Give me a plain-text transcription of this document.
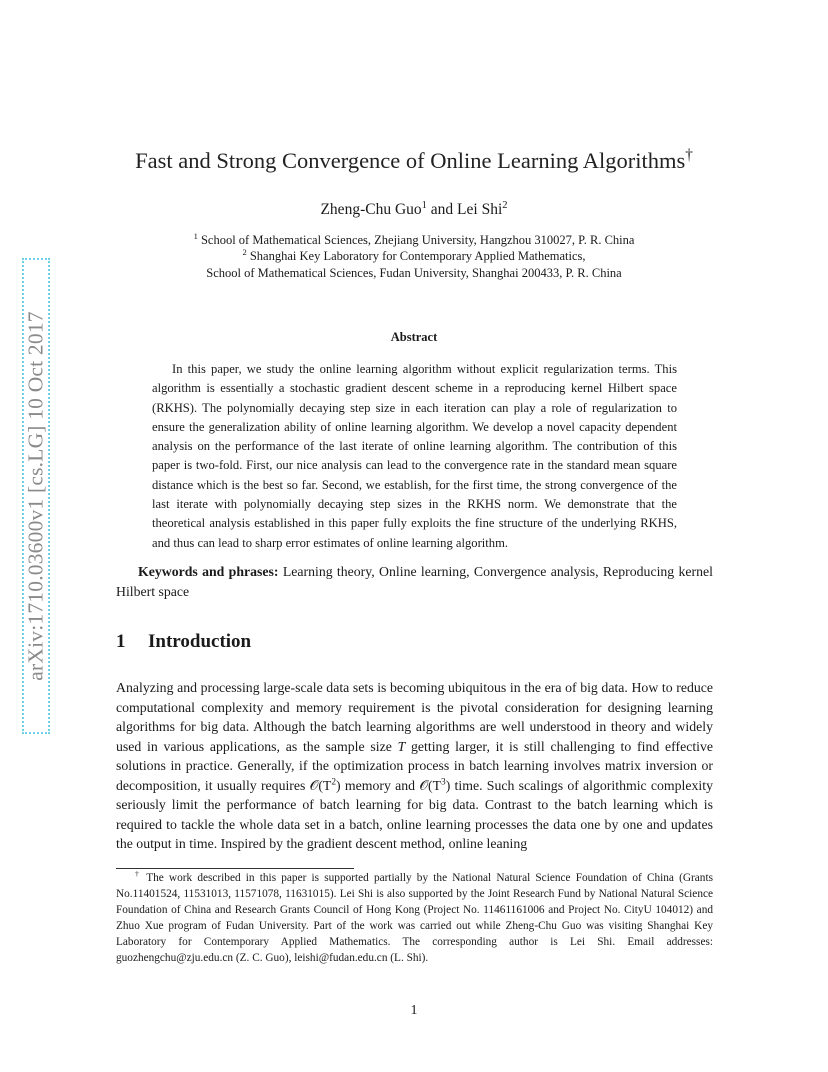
arXiv:1710.03600v1 [cs.LG] 10 Oct 2017
Fast and Strong Convergence of Online Learning Algorithms†
Zheng-Chu Guo$^1$ and Lei Shi$^2$
$^1$ School of Mathematical Sciences, Zhejiang University, Hangzhou 310027, P. R. China
$^2$ Shanghai Key Laboratory for Contemporary Applied Mathematics,
School of Mathematical Sciences, Fudan University, Shanghai 200433, P. R. China
Abstract
In this paper, we study the online learning algorithm without explicit regularization terms. This algorithm is essentially a stochastic gradient descent scheme in a reproducing kernel Hilbert space (RKHS). The polynomially decaying step size in each iteration can play a role of regularization to ensure the generalization ability of online learning algorithm. We develop a novel capacity dependent analysis on the performance of the last iterate of online learning algorithm. The contribution of this paper is two-fold. First, our nice analysis can lead to the convergence rate in the standard mean square distance which is the best so far. Second, we establish, for the first time, the strong convergence of the last iterate with polynomially decaying step sizes in the RKHS norm. We demonstrate that the theoretical analysis established in this paper fully exploits the fine structure of the underlying RKHS, and thus can lead to sharp error estimates of online learning algorithm.
Keywords and phrases: Learning theory, Online learning, Convergence analysis, Reproducing kernel Hilbert space
1 Introduction
Analyzing and processing large-scale data sets is becoming ubiquitous in the era of big data. How to reduce computational complexity and memory requirement is the pivotal consideration for designing learning algorithms for big data. Although the batch learning algorithms are well understood in theory and widely used in various applications, as the sample size T getting larger, it is still challenging to find effective solutions in practice. Generally, if the optimization process in batch learning involves matrix inversion or decomposition, it usually requires $𝒪(T^2)$ memory and $𝒪(T^3)$ time. Such scalings of algorithmic complexity seriously limit the performance of batch learning for big data. Contrast to the batch learning which is required to tackle the whole data set in a batch, online learning processes the data one by one and updates the output in time. Inspired by the gradient descent method, online leaning
† The work described in this paper is supported partially by the National Natural Science Foundation of China (Grants No.11401524, 11531013, 11571078, 11631015). Lei Shi is also supported by the Joint Research Fund by National Natural Science Foundation of China and Research Grants Council of Hong Kong (Project No. 11461161006 and Project No. CityU 104012) and Zhuo Xue program of Fudan University. Part of the work was carried out while Zheng-Chu Guo was visiting Shanghai Key Laboratory for Contemporary Applied Mathematics. The corresponding author is Lei Shi. Email addresses: guozhengchu@zju.edu.cn (Z. C. Guo), leishi@fudan.edu.cn (L. Shi).
1
